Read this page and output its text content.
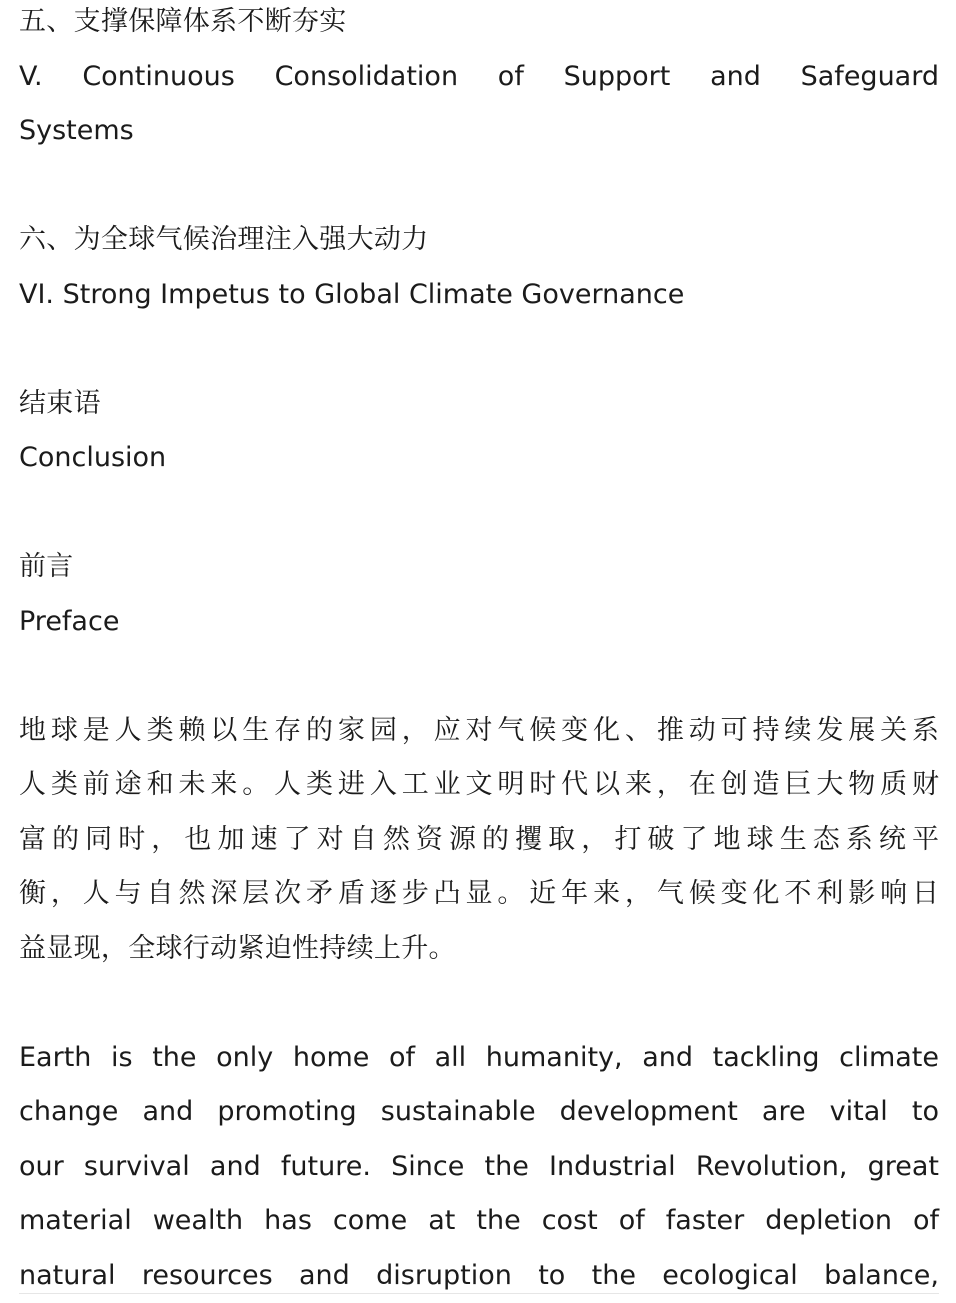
五、支撑保障体系不断夯实
V. Continuous Consolidation of Support and Safeguard
Systems
六、为全球气候治理注入强大动力
VI. Strong Impetus to Global Climate Governance
结束语
Conclusion
前言
Preface
地球是人类赖以生存的家园，应对气候变化、推动可持续发展关系
人类前途和未来。人类进入工业文明时代以来，在创造巨大物质财
富的同时，也加速了对自然资源的攫取，打破了地球生态系统平
衡，人与自然深层次矛盾逐步凸显。近年来，气候变化不利影响日
益显现，全球行动紧迫性持续上升。
Earth is the only home of all humanity, and tackling climate
change and promoting sustainable development are vital to
our survival and future. Since the Industrial Revolution, great
material wealth has come at the cost of faster depletion of
natural resources and disruption to the ecological balance,
